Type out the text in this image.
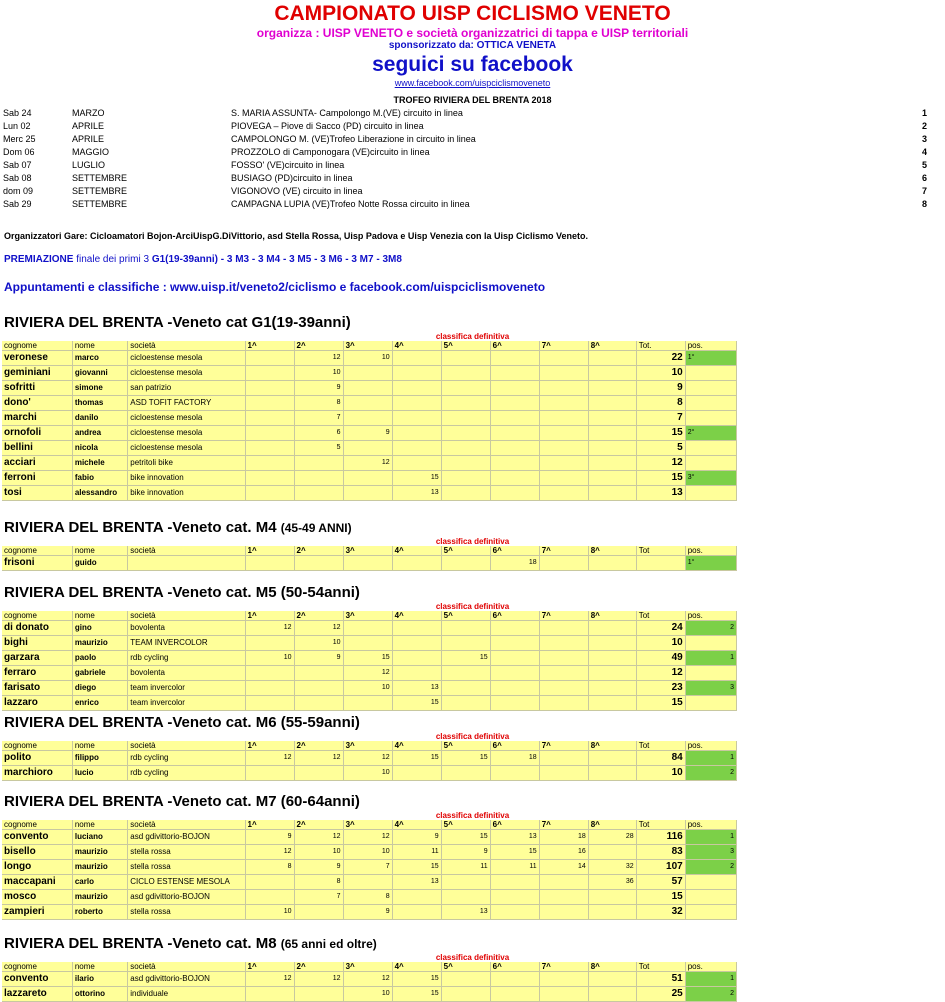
CAMPIONATO UISP CICLISMO VENETO
organizza : UISP VENETO e società organizzatrici di tappa e UISP territoriali
sponsorizzato da: OTTICA VENETA
seguici su facebook
www.facebook.com/uispciclismoveneto
TROFEO RIVIERA DEL BRENTA 2018
Sab 24	MARZO	S. MARIA ASSUNTA- Campolongo M.(VE) circuito in linea	1
Lun 02	APRILE	PIOVEGA – Piove di Sacco (PD) circuito in linea	2
Merc 25	APRILE	CAMPOLONGO M. (VE)Trofeo Liberazione in circuito in linea	3
Dom 06	MAGGIO	PROZZOLO di Camponogara (VE)circuito in linea	4
Sab 07	LUGLIO	FOSSO' (VE)circuito in linea	5
Sab 08	SETTEMBRE	BUSIAGO (PD)circuito in linea	6
dom 09	SETTEMBRE	VIGONOVO (VE) circuito in linea	7
Sab 29	SETTEMBRE	CAMPAGNA LUPIA (VE)Trofeo Notte Rossa circuito in linea	8
Organizzatori Gare: Cicloamatori Bojon-ArciUispG.DiVittorio, asd Stella Rossa, Uisp Padova e Uisp Venezia con la Uisp Ciclismo Veneto.
PREMIAZIONE finale dei primi 3 G1(19-39anni) - 3 M3 - 3 M4 - 3 M5 - 3 M6 - 3 M7 - 3M8
Appuntamenti e classifiche : www.uisp.it/veneto2/ciclismo e facebook.com/uispciclismoveneto
RIVIERA DEL BRENTA -Veneto cat G1(19-39anni)
classifica definitiva
cognome	nome	società	1^	2^	3^	4^	5^	6^	7^	8^	Tot.	pos.
veronese	marco	cicloestense mesola		12	10						22	1°
geminiani	giovanni	cicloestense mesola		10							10	
sofritti	simone	san patrizio		9							9	
dono'	thomas	ASD TOFIT FACTORY		8							8	
marchi	danilo	cicloestense mesola		7							7	
ornofoli	andrea	cicloestense mesola		6	9						15	2°
bellini	nicola	cicloestense mesola		5							5	
acciari	michele	petritoli bike			12						12	
ferroni	fabio	bike innovation				15					15	3°
tosi	alessandro	bike innovation				13					13	
RIVIERA DEL BRENTA -Veneto cat. M4 (45-49 ANNI)
classifica definitiva
cognome	nome	società	1^	2^	3^	4^	5^	6^	7^	8^	Tot	pos.
frisoni	guido							18				1°
RIVIERA DEL BRENTA -Veneto cat. M5 (50-54anni)
classifica definitiva
cognome	nome	società	1^	2^	3^	4^	5^	6^	7^	8^	Tot	pos.
di donato	gino	bovolenta	12	12							24	2
bighi	maurizio	TEAM INVERCOLOR		10							10	
garzara	paolo	rdb cycling	10	9	15		15				49	1
ferraro	gabriele	bovolenta			12						12	
farisato	diego	team invercolor			10	13					23	3
lazzaro	enrico	team invercolor				15					15	
RIVIERA DEL BRENTA -Veneto cat. M6 (55-59anni)
classifica definitiva
cognome	nome	società	1^	2^	3^	4^	5^	6^	7^	8^	Tot	pos.
polito	filippo	rdb cycling	12	12	12	15	15	18			84	1
marchioro	lucio	rdb cycling			10						10	2
RIVIERA DEL BRENTA -Veneto cat. M7 (60-64anni)
classifica definitiva
cognome	nome	società	1^	2^	3^	4^	5^	6^	7^	8^	Tot	pos.
convento	luciano	asd gdivittorio-BOJON	9	12	12	9	15	13	18	28	116	1
bisello	maurizio	stella rossa	12	10	10	11	9	15	16		83	3
longo	maurizio	stella rossa	8	9	7	15	11	11	14	32	107	2
maccapani	carlo	CICLO ESTENSE MESOLA		8		13				36	57	
mosco	maurizio	asd gdivittorio-BOJON		7	8						15	
zampieri	roberto	stella rossa	10		9		13				32	
RIVIERA DEL BRENTA -Veneto cat. M8 (65 anni ed oltre)
classifica definitiva
cognome	nome	società	1^	2^	3^	4^	5^	6^	7^	8^	Tot	pos.
convento	ilario	asd gdivittorio-BOJON	12	12	12	15					51	1
lazzareto	ottorino	individuale			10	15					25	2
